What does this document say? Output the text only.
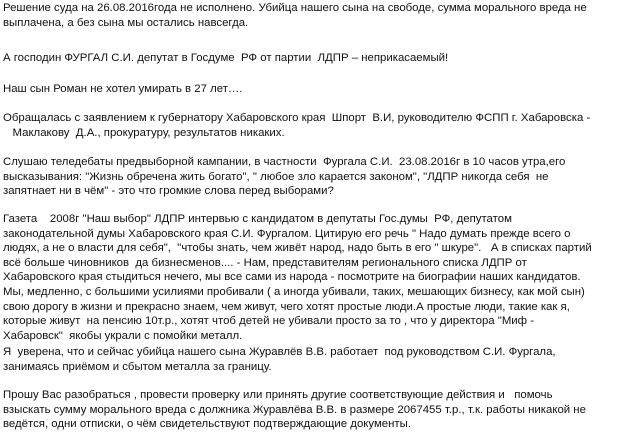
Решение суда на 26.08.2016года не исполнено. Убийца нашего сына на свободе, сумма морального вреда не
выплачена, а без сына мы остались навсегда.

А господин ФУРГАЛ С.И. депутат в Госдуме  РФ от партии  ЛДПР – неприкасаемый!

Наш сын Роман не хотел умирать в 27 лет….

Обращалась с заявлением к губернатору Хабаровского края  Шпорт  В.И, руководителю ФСПП г. Хабаровска -
Маклакову  Д.А., прокуратуру, результатов никаких.

Слушаю теледебаты предвыборной кампании, в частности  Фургала С.И.  23.08.2016г в 10 часов утра,его
высказывания: "Жизнь обречена жить богато", " любое зло карается законом", "ЛДПР никогда себя  не
запятнает ни в чём" - это что громкие слова перед выборами?

Газета    2008г "Наш выбор" ЛДПР интервью с кандидатом в депутаты Гос.думы  РФ, депутатом
законодательной думы Хабаровского края С.И. Фургалом. Цитирую его речь " Надо думать прежде всего о
людях, а не о власти для себя",  "чтобы знать, чем живёт народ, надо быть в его " шкуре".   А в списках партий
всё больше чиновников  да бизнесменов.... - Нам, представителям регионального списка ЛДПР от
Хабаровского края стыдиться нечего, мы все сами из народа - посмотрите на биографии наших кандидатов.
Мы, медленно, с большими усилиями пробивали ( а иногда убивали, таких, мешающих бизнесу, как мой сын)
свою дорогу в жизни и прекрасно знаем, чем живут, чего хотят простые люди.А простые люди, такие как я,
которые живут  на пенсию 10т.р., хотят чтоб детей не убивали просто за то , что у директора "Миф -
Хабаровск"  якобы украли с помойки металл.

Я  уверена, что и сейчас убийца нашего сына Журавлёв В.В. работает  под руководством С.И. Фургала,
занимаясь приёмом и сбытом металла за границу.

Прошу Вас разобраться , провести проверку или принять другие соответствующие действия и   помочь
взыскать сумму морального вреда с должника Журавлёва В.В. в размере 2067455 т.р., т.к. работы никакой не
ведётся, одни отписки, о чём свидетельствуют подтверждающие документы.
